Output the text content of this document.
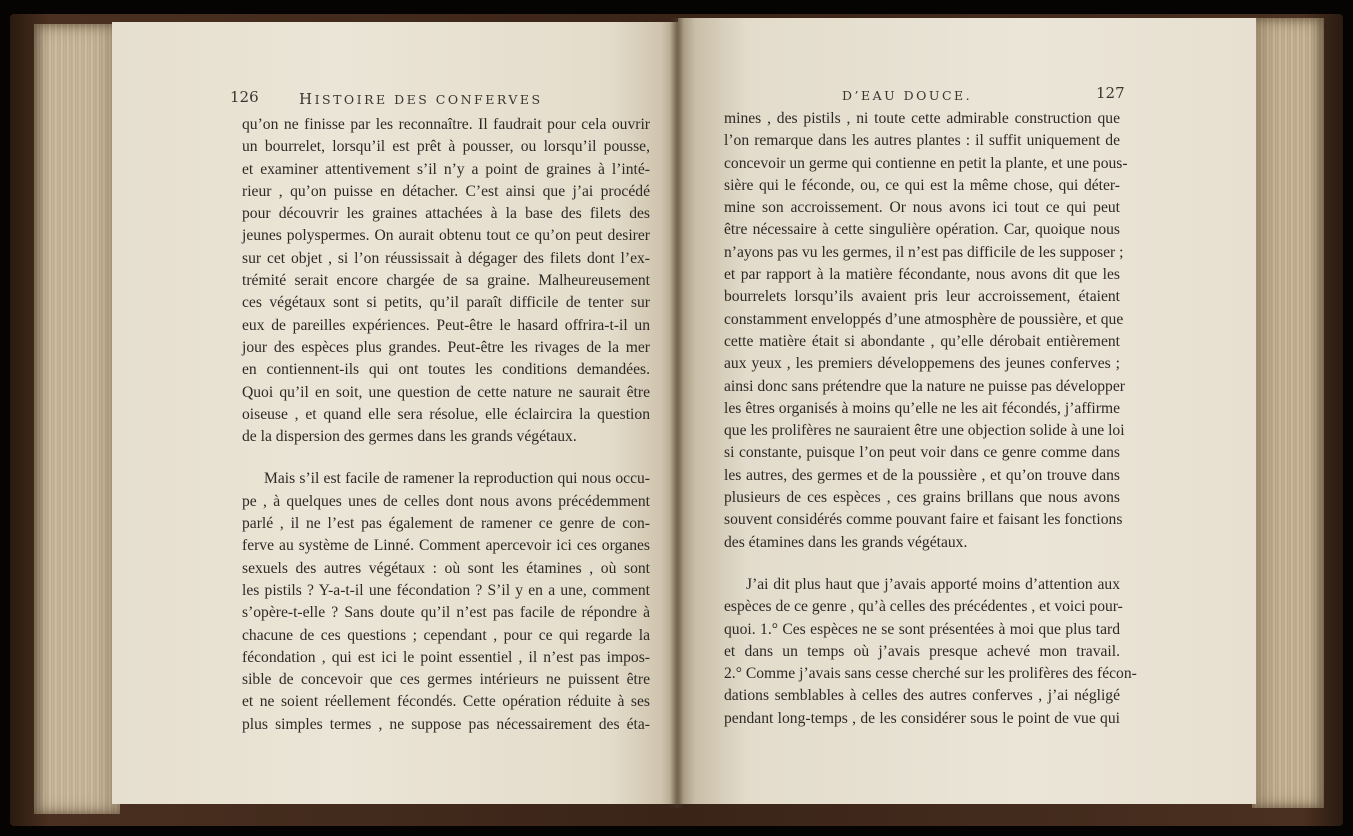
126	HISTOIRE DES CONFERVES
qu’on ne finisse par les reconnaître. Il faudrait pour cela ouvrir
un bourrelet, lorsqu’il est prêt à pousser, ou lorsqu’il pousse,
et examiner attentivement s’il n’y a point de graines à l’inté-
rieur , qu’on puisse en détacher. C’est ainsi que j’ai procédé
pour découvrir les graines attachées à la base des filets des
jeunes polyspermes. On aurait obtenu tout ce qu’on peut desirer
sur cet objet , si l’on réussissait à dégager des filets dont l’ex-
trémité serait encore chargée de sa graine. Malheureusement
ces végétaux sont si petits, qu’il paraît difficile de tenter sur
eux de pareilles expériences. Peut-être le hasard offrira-t-il un
jour des espèces plus grandes. Peut-être les rivages de la mer
en contiennent-ils qui ont toutes les conditions demandées.
Quoi qu’il en soit, une question de cette nature ne saurait être
oiseuse , et quand elle sera résolue, elle éclaircira la question
de la dispersion des germes dans les grands végétaux.
Mais s’il est facile de ramener la reproduction qui nous occu-
pe , à quelques unes de celles dont nous avons précédemment
parlé , il ne l’est pas également de ramener ce genre de con-
ferve au système de Linné. Comment apercevoir ici ces organes
sexuels des autres végétaux : où sont les étamines , où sont
les pistils ? Y-a-t-il une fécondation ? S’il y en a une, comment
s’opère-t-elle ? Sans doute qu’il n’est pas facile de répondre à
chacune de ces questions ; cependant , pour ce qui regarde la
fécondation , qui est ici le point essentiel , il n’est pas impos-
sible de concevoir que ces germes intérieurs ne puissent être
et ne soient réellement fécondés. Cette opération réduite à ses
plus simples termes , ne suppose pas nécessairement des éta-
D’EAU DOUCE.	127
mines , des pistils , ni toute cette admirable construction que
l’on remarque dans les autres plantes : il suffit uniquement de
concevoir un germe qui contienne en petit la plante, et une pous-
sière qui le féconde, ou, ce qui est la même chose, qui déter-
mine son accroissement. Or nous avons ici tout ce qui peut
être nécessaire à cette singulière opération. Car, quoique nous
n’ayons pas vu les germes, il n’est pas difficile de les supposer ;
et par rapport à la matière fécondante, nous avons dit que les
bourrelets lorsqu’ils avaient pris leur accroissement, étaient
constamment enveloppés d’une atmosphère de poussière, et que
cette matière était si abondante , qu’elle dérobait entièrement
aux yeux , les premiers développemens des jeunes conferves ;
ainsi donc sans prétendre que la nature ne puisse pas développer
les êtres organisés à moins qu’elle ne les ait fécondés, j’affirme
que les prolifères ne sauraient être une objection solide à une loi
si constante, puisque l’on peut voir dans ce genre comme dans
les autres, des germes et de la poussière , et qu’on trouve dans
plusieurs de ces espèces , ces grains brillans que nous avons
souvent considérés comme pouvant faire et faisant les fonctions
des étamines dans les grands végétaux.
J’ai dit plus haut que j’avais apporté moins d’attention aux
espèces de ce genre , qu’à celles des précédentes , et voici pour-
quoi. 1.° Ces espèces ne se sont présentées à moi que plus tard
et dans un temps où j’avais presque achevé mon travail.
2.° Comme j’avais sans cesse cherché sur les prolifères des fécon-
dations semblables à celles des autres conferves , j’ai négligé
pendant long-temps , de les considérer sous le point de vue qui
